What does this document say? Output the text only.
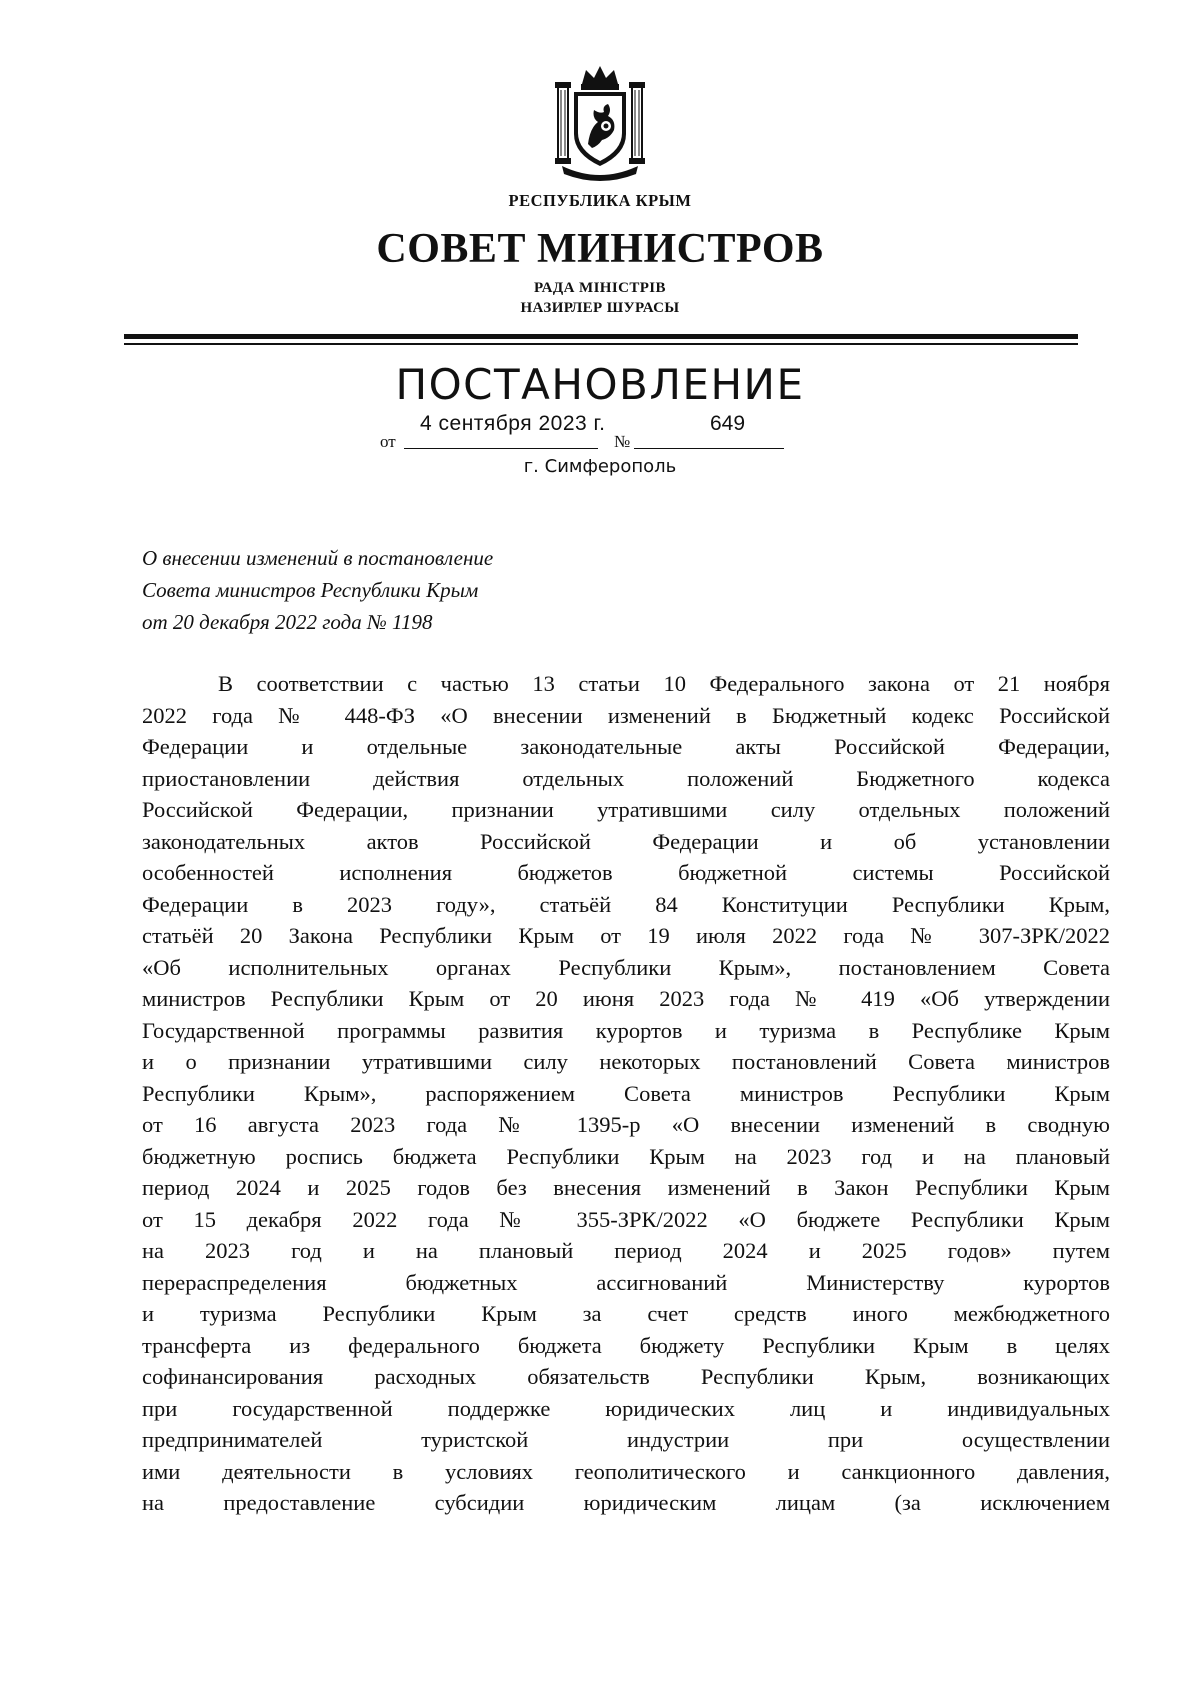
РЕСПУБЛИКА КРЫМ
СОВЕТ МИНИСТРОВ
РАДА МІНІСТРІВ
НАЗИРЛЕР ШУРАСЫ
ПОСТАНОВЛЕНИЕ
от
4 сентября 2023 г.
№
649
г. Симферополь
О внесении изменений в постановление
Совета министров Республики Крым
от 20 декабря 2022 года № 1198
В соответствии с частью 13 статьи 10 Федерального закона от 21 ноября
2022 года № 448-ФЗ «О внесении изменений в Бюджетный кодекс Российской
Федерации и отдельные законодательные акты Российской Федерации,
приостановлении действия отдельных положений Бюджетного кодекса
Российской Федерации, признании утратившими силу отдельных положений
законодательных актов Российской Федерации и об установлении
особенностей исполнения бюджетов бюджетной системы Российской
Федерации в 2023 году», статьёй 84 Конституции Республики Крым,
статьёй 20 Закона Республики Крым от 19 июля 2022 года № 307-ЗРК/2022
«Об исполнительных органах Республики Крым», постановлением Совета
министров Республики Крым от 20 июня 2023 года № 419 «Об утверждении
Государственной программы развития курортов и туризма в Республике Крым
и о признании утратившими силу некоторых постановлений Совета министров
Республики Крым», распоряжением Совета министров Республики Крым
от 16 августа 2023 года № 1395-р «О внесении изменений в сводную
бюджетную роспись бюджета Республики Крым на 2023 год и на плановый
период 2024 и 2025 годов без внесения изменений в Закон Республики Крым
от 15 декабря 2022 года № 355-ЗРК/2022 «О бюджете Республики Крым
на 2023 год и на плановый период 2024 и 2025 годов» путем
перераспределения бюджетных ассигнований Министерству курортов
и туризма Республики Крым за счет средств иного межбюджетного
трансферта из федерального бюджета бюджету Республики Крым в целях
софинансирования расходных обязательств Республики Крым, возникающих
при государственной поддержке юридических лиц и индивидуальных
предпринимателей туристской индустрии при осуществлении
ими деятельности в условиях геополитического и санкционного давления,
на предоставление субсидии юридическим лицам (за исключением
